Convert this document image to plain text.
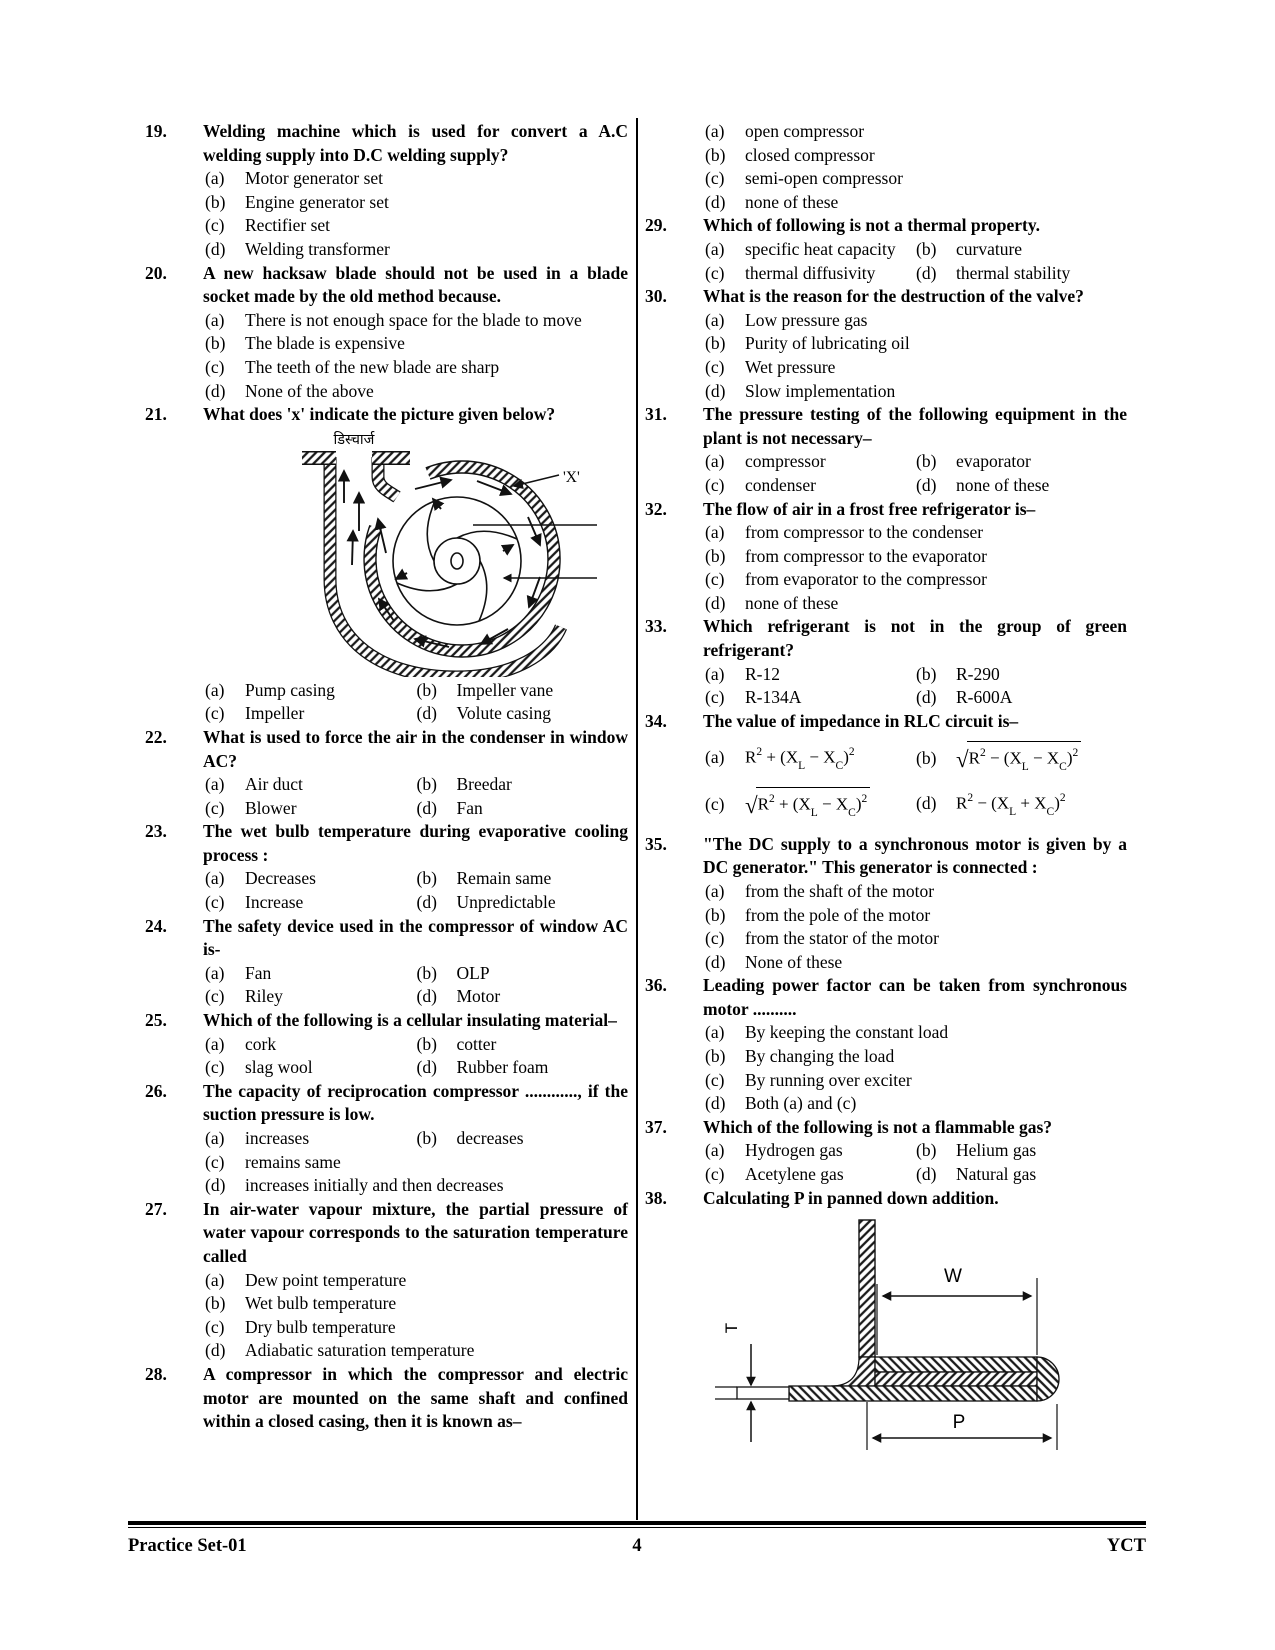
19.	Welding machine which is used for convert a A.C welding supply into D.C welding supply?
(a)	Motor generator set
(b)	Engine generator set
(c)	Rectifier set
(d)	Welding transformer
20.	A new hacksaw blade should not be used in a blade socket made by the old method because.
(a)	There is not enough space for the blade to move
(b)	The blade is expensive
(c)	The teeth of the new blade are sharp
(d)	None of the above
21.	What does 'x' indicate the picture given below?
'X'
डिस्चार्ज
(a)	Pump casing	(b)	Impeller vane
(c)	Impeller	(d)	Volute casing
22.	What is used to force the air in the condenser in window AC?
(a)	Air duct	(b)	Breedar
(c)	Blower	(d)	Fan
23.	The wet bulb temperature during evaporative cooling process :
(a)	Decreases	(b)	Remain same
(c)	Increase	(d)	Unpredictable
24.	The safety device used in the compressor of window AC is-
(a)	Fan	(b)	OLP
(c)	Riley	(d)	Motor
25.	Which of the following is a cellular insulating material–
(a)	cork	(b)	cotter
(c)	slag wool	(d)	Rubber foam
26.	The capacity of reciprocation compressor ............, if the suction pressure is low.
(a)	increases	(b)	decreases
(c)	remains same
(d)	increases initially and then decreases
27.	In air-water vapour mixture, the partial pressure of water vapour corresponds to the saturation temperature called
(a)	Dew point temperature
(b)	Wet bulb temperature
(c)	Dry bulb temperature
(d)	Adiabatic saturation temperature
28.	A compressor in which the compressor and electric motor are mounted on the same shaft and confined within a closed casing, then it is known as–
(a)	open compressor
(b)	closed compressor
(c)	semi-open compressor
(d)	none of these
29.	Which of following is not a thermal property.
(a)	specific heat capacity	(b)	curvature
(c)	thermal diffusivity	(d)	thermal stability
30.	What is the reason for the destruction of the valve?
(a)	Low pressure gas
(b)	Purity of lubricating oil
(c)	Wet pressure
(d)	Slow implementation
31.	The pressure testing of the following equipment in the plant is not necessary–
(a)	compressor	(b)	evaporator
(c)	condenser	(d)	none of these
32.	The flow of air in a frost free refrigerator is–
(a)	from compressor to the condenser
(b)	from compressor to the evaporator
(c)	from evaporator to the compressor
(d)	none of these
33.	Which refrigerant is not in the group of green refrigerant?
(a)	R-12	(b)	R-290
(c)	R-134A	(d)	R-600A
34.	The value of impedance in RLC circuit is–
(a)	$R^2 + (X_L - X_C)^2$	(b) $√R^2 - (X_L - X_C)^2$
(c) $√R^2 + (X_L - X_C)^2$	(d)	$R^2 - (X_L + X_C)^2$
35.	"The DC supply to a synchronous motor is given by a DC generator." This generator is connected :
(a)	from the shaft of the motor
(b)	from the pole of the motor
(c)	from the stator of the motor
(d)	None of these
36.	Leading power factor can be taken from synchronous motor ..........
(a)	By keeping the constant load
(b)	By changing the load
(c)	By running over exciter
(d)	Both (a) and (c)
37.	Which of the following is not a flammable gas?
(a)	Hydrogen gas	(b)	Helium gas
(c)	Acetylene gas	(d)	Natural gas
38.	Calculating P in panned down addition.
W
T
P
Practice Set-01	4	YCT
